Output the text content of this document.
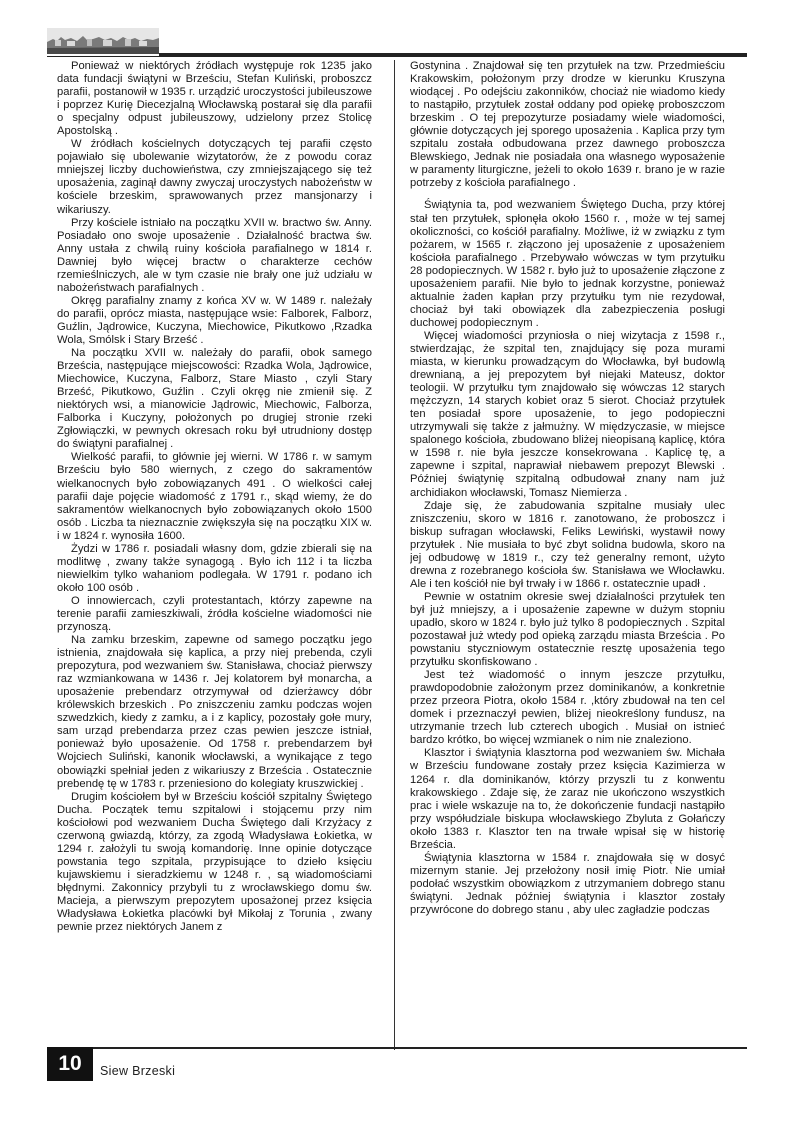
Ponieważ w niektórych źródłach występuje rok 1235 jako data fundacji świątyni w Brześciu, Stefan Kuliński, proboszcz parafii, postanowił w 1935 r. urządzić uroczystości jubileuszowe i poprzez Kurię Diecezjalną Włocławską postarał się dla parafii o specjalny odpust jubileuszowy, udzielony przez Stolicę Apostolską .

W źródłach kościelnych dotyczących tej parafii często pojawiało się ubolewanie wizytatorów, że z powodu coraz mniejszej liczby duchowieństwa, czy zmniejszającego się też uposażenia, zaginął dawny zwyczaj uroczystych nabożeństw w kościele brzeskim, sprawowanych przez mansjonarzy i wikariuszy.

Przy kościele istniało na początku XVII w. bractwo św. Anny. Posiadało ono swoje uposażenie . Działalność bractwa św. Anny ustała z chwilą ruiny kościoła parafialnego w 1814 r. Dawniej było więcej bractw o charakterze cechów rzemieślniczych, ale w tym czasie nie brały one już udziału w nabożeństwach parafialnych .

Okręg parafialny znamy z końca XV w. W 1489 r. należały do parafii, oprócz miasta, następujące wsie: Falborek, Falborz, Guźlin, Jądrowice, Kuczyna, Miechowice, Pikutkowo ,Rzadka Wola, Smólsk i Stary Brześć .

Na początku XVII w. należały do parafii, obok samego Brześcia, następujące miejscowości: Rzadka Wola, Jądrowice, Miechowice, Kuczyna, Falborz, Stare Miasto , czyli Stary Brześć, Pikutkowo, Guźlin . Czyli okręg nie zmienił się. Z niektórych wsi, a mianowicie Jądrowic, Miechowic, Falborza, Falborka i Kuczyny, położonych po drugiej stronie rzeki Zgłowiączki, w pewnych okresach roku był utrudniony dostęp do świątyni parafialnej .

Wielkość parafii, to głównie jej wierni. W 1786 r. w samym Brześciu było 580 wiernych, z czego do sakramentów wielkanocnych było zobowiązanych 491 . O wielkości całej parafii daje pojęcie wiadomość z 1791 r., skąd wiemy, że do sakramentów wielkanocnych było zobowiązanych około 1500 osób . Liczba ta nieznacznie zwiększyła się na początku XIX w. i w 1824 r. wynosiła 1600.

Żydzi w 1786 r. posiadali własny dom, gdzie zbierali się na modlitwę , zwany także synagogą . Było ich 112 i ta liczba niewielkim tylko wahaniom podlegała. W 1791 r. podano ich około 100 osób .

O innowiercach, czyli protestantach, którzy zapewne na terenie parafii zamieszkiwali, źródła kościelne wiadomości nie przynoszą.

Na zamku brzeskim, zapewne od samego początku jego istnienia, znajdowała się kaplica, a przy niej prebenda, czyli prepozytura, pod wezwaniem św. Stanisława, chociaż pierwszy raz wzmiankowana w 1436 r. Jej kolatorem był monarcha, a uposażenie prebendarz otrzymywał od dzierżawcy dóbr królewskich brzeskich . Po zniszczeniu zamku podczas wojen szwedzkich, kiedy z zamku, a i z kaplicy, pozostały gołe mury, sam urząd prebendarza przez czas pewien jeszcze istniał, ponieważ było uposażenie. Od 1758 r. prebendarzem był Wojciech Suliński, kanonik włocławski, a wynikające z tego obowiązki spełniał jeden z wikariuszy z Brześcia . Ostatecznie prebendę tę w 1783 r. przeniesiono do kolegiaty kruszwickiej .

Drugim kościołem był w Brześciu kościół szpitalny Świętego Ducha. Początek temu szpitalowi i stojącemu przy nim kościołowi pod wezwaniem Ducha Świętego dali Krzyżacy z czerwoną gwiazdą, którzy, za zgodą Władysława Łokietka, w 1294 r. założyli tu swoją komandorię. Inne opinie dotyczące powstania tego szpitala, przypisujące to dzieło księciu kujawskiemu i sieradzkiemu w 1248 r. , są wiadomościami błędnymi. Zakonnicy przybyli tu z wrocławskiego domu św. Macieja, a pierwszym prepozytem uposażonej przez księcia Władysława Łokietka placówki był Mikołaj z Torunia , zwany pewnie przez niektórych Janem z

Gostynina . Znajdował się ten przytułek na tzw. Przedmieściu Krakowskim, położonym przy drodze w kierunku Kruszyna wiodącej . Po odejściu zakonników, chociaż nie wiadomo kiedy to nastąpiło, przytułek został oddany pod opiekę proboszczom brzeskim . O tej prepozyturze posiadamy wiele wiadomości, głównie dotyczących jej sporego uposażenia . Kaplica przy tym szpitalu została odbudowana przez dawnego proboszcza Blewskiego, Jednak nie posiadała ona własnego wyposażenie w paramenty liturgiczne, jeżeli to około 1639 r. brano je w razie potrzeby z kościoła parafialnego .

Świątynia ta, pod wezwaniem Świętego Ducha, przy której stał ten przytułek, spłonęła około 1560 r. , może w tej samej okoliczności, co kościół parafialny. Możliwe, iż w związku z tym pożarem, w 1565 r. złączono jej uposażenie z uposażeniem kościoła parafialnego . Przebywało wówczas w tym przytułku 28 podopiecznych. W 1582 r. było już to uposażenie złączone z uposażeniem parafii. Nie było to jednak korzystne, ponieważ aktualnie żaden kapłan przy przytułku tym nie rezydował, chociaż był taki obowiązek dla zabezpieczenia posługi duchowej podopiecznym .

Więcej wiadomości przyniosła o niej wizytacja z 1598 r., stwierdzając, że szpital ten, znajdujący się poza murami miasta, w kierunku prowadzącym do Włocławka, był budowlą drewnianą, a jej prepozytem był niejaki Mateusz, doktor teologii. W przytułku tym znajdowało się wówczas 12 starych mężczyzn, 14 starych kobiet oraz 5 sierot. Chociaż przytułek ten posiadał spore uposażenie, to jego podopieczni utrzymywali się także z jałmużny. W międzyczasie, w miejsce spalonego kościoła, zbudowano bliżej nieopisaną kaplicę, która w 1598 r. nie była jeszcze konsekrowana . Kaplicę tę, a zapewne i szpital, naprawiał niebawem prepozyt Blewski . Później świątynię szpitalną odbudował znany nam już archidiakon włocławski, Tomasz Niemierza .

Zdaje się, że zabudowania szpitalne musiały ulec zniszczeniu, skoro w 1816 r. zanotowano, że proboszcz i biskup sufragan włocławski, Feliks Lewiński, wystawił nowy przytułek . Nie musiała to być zbyt solidna budowla, skoro na jej odbudowę w 1819 r., czy też generalny remont, użyto drewna z rozebranego kościoła św. Stanisława we Włocławku. Ale i ten kościół nie był trwały i w 1866 r. ostatecznie upadł .

Pewnie w ostatnim okresie swej działalności przytułek ten był już mniejszy, a i uposażenie zapewne w dużym stopniu upadło, skoro w 1824 r. było już tylko 8 podopiecznych . Szpital pozostawał już wtedy pod opieką zarządu miasta Brześcia . Po powstaniu styczniowym ostatecznie resztę uposażenia tego przytułku skonfiskowano .

Jest też wiadomość o innym jeszcze przytułku, prawdopodobnie założonym przez dominikanów, a konkretnie przez przeora Piotra, około 1584 r. ,który zbudował na ten cel domek i przeznaczył pewien, bliżej nieokreślony fundusz, na utrzymanie trzech lub czterech ubogich . Musiał on istnieć bardzo krótko, bo więcej wzmianek o nim nie znaleziono.

Klasztor i świątynia klasztorna pod wezwaniem św. Michała w Brześciu fundowane zostały przez księcia Kazimierza w 1264 r. dla dominikanów, którzy przyszli tu z konwentu krakowskiego . Zdaje się, że zaraz nie ukończono wszystkich prac i wiele wskazuje na to, że dokończenie fundacji nastąpiło przy współudziale biskupa włocławskiego Zbyluta z Gołańczy około 1383 r. Klasztor ten na trwałe wpisał się w historię Brześcia.

Świątynia klasztorna w 1584 r. znajdowała się w dosyć mizernym stanie. Jej przełożony nosił imię Piotr. Nie umiał podołać wszystkim obowiązkom z utrzymaniem dobrego stanu świątyni. Jednak później świątynia i klasztor zostały przywrócone do dobrego stanu , aby ulec zagładzie podczas

10	Siew Brzeski
